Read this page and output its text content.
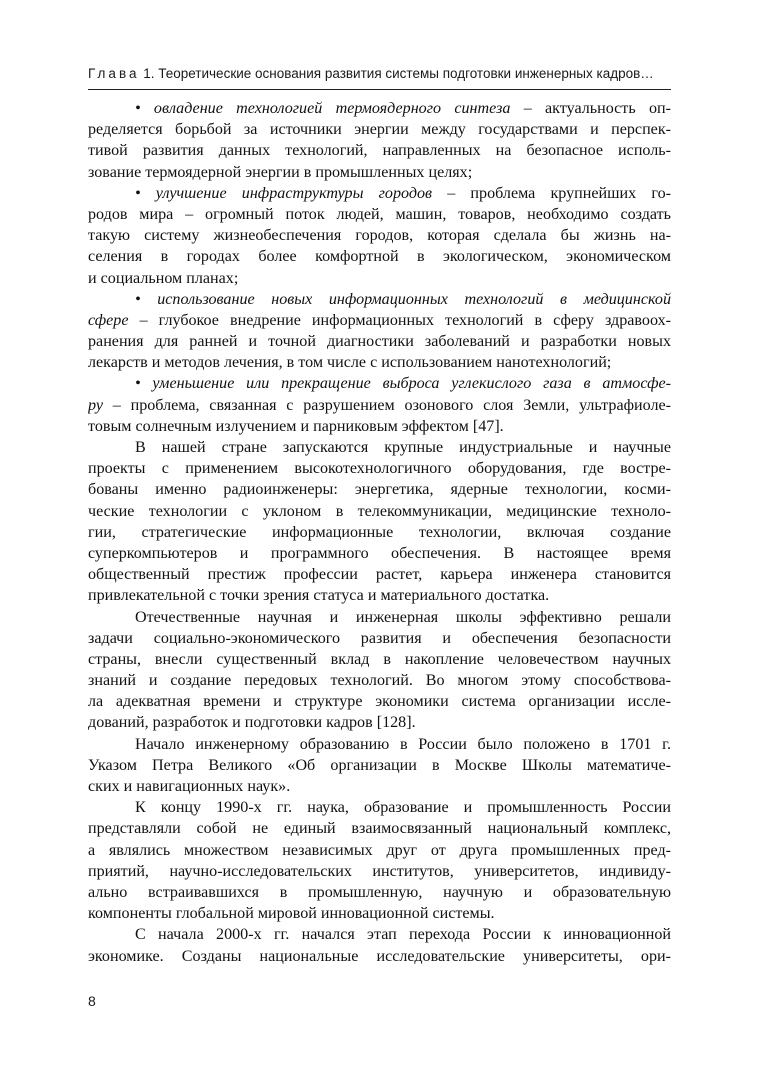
Глава 1. Теоретические основания развития системы подготовки инженерных кадров…
• овладение технологией термоядерного синтеза – актуальность оп-
ределяется борьбой за источники энергии между государствами и перспек-
тивой развития данных технологий, направленных на безопасное исполь-
зование термоядерной энергии в промышленных целях;
• улучшение инфраструктуры городов – проблема крупнейших го-
родов мира – огромный поток людей, машин, товаров, необходимо создать
такую систему жизнеобеспечения городов, которая сделала бы жизнь на-
селения в городах более комфортной в экологическом, экономическом
и социальном планах;
• использование новых информационных технологий в медицинской
сфере – глубокое внедрение информационных технологий в сферу здравоох-
ранения для ранней и точной диагностики заболеваний и разработки новых
лекарств и методов лечения, в том числе с использованием нанотехнологий;
• уменьшение или прекращение выброса углекислого газа в атмосфе-
ру – проблема, связанная с разрушением озонового слоя Земли, ультрафиоле-
товым солнечным излучением и парниковым эффектом [47].
В нашей стране запускаются крупные индустриальные и научные
проекты с применением высокотехнологичного оборудования, где востре-
бованы именно радиоинженеры: энергетика, ядерные технологии, косми-
ческие технологии с уклоном в телекоммуникации, медицинские техноло-
гии, стратегические информационные технологии, включая создание
суперкомпьютеров и программного обеспечения. В настоящее время
общественный престиж профессии растет, карьера инженера становится
привлекательной с точки зрения статуса и материального достатка.
Отечественные научная и инженерная школы эффективно решали
задачи социально-экономического развития и обеспечения безопасности
страны, внесли существенный вклад в накопление человечеством научных
знаний и создание передовых технологий. Во многом этому способствова-
ла адекватная времени и структуре экономики система организации иссле-
дований, разработок и подготовки кадров [128].
Начало инженерному образованию в России было положено в 1701 г.
Указом Петра Великого «Об организации в Москве Школы математиче-
ских и навигационных наук».
К концу 1990-х гг. наука, образование и промышленность России
представляли собой не единый взаимосвязанный национальный комплекс,
а являлись множеством независимых друг от друга промышленных пред-
приятий, научно-исследовательских институтов, университетов, индивиду-
ально встраивавшихся в промышленную, научную и образовательную
компоненты глобальной мировой инновационной системы.
С начала 2000-х гг. начался этап перехода России к инновационной
экономике. Созданы национальные исследовательские университеты, ори-
8
